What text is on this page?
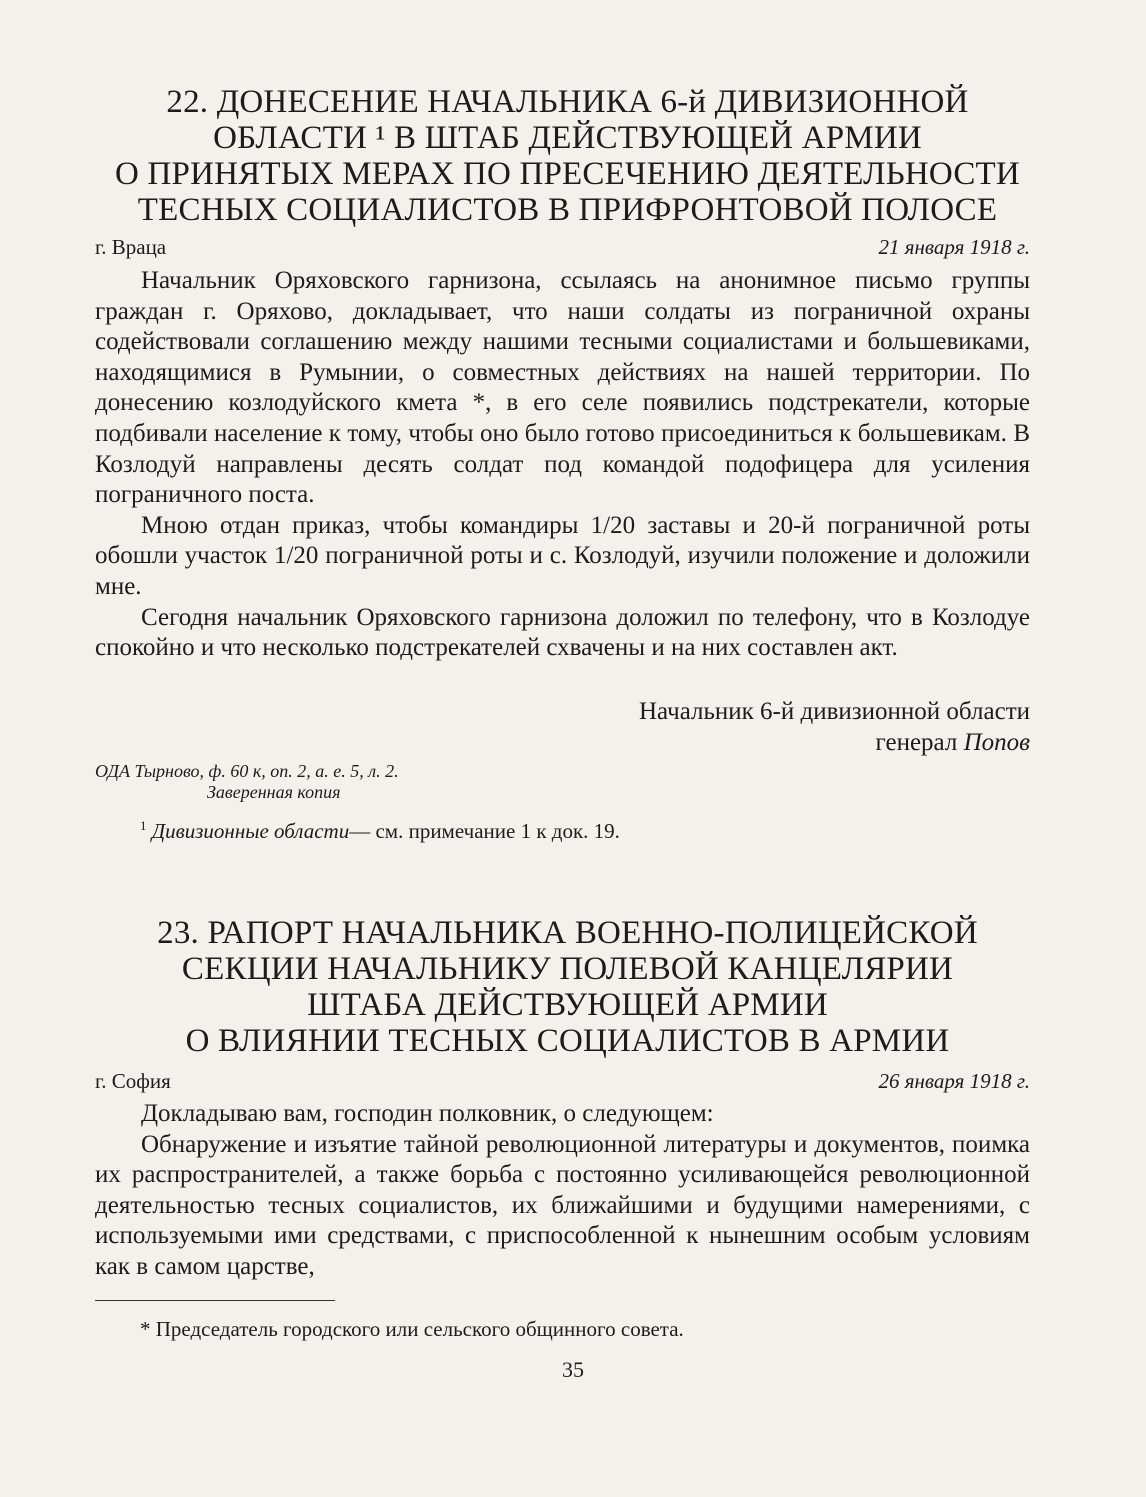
22. ДОНЕСЕНИЕ НАЧАЛЬНИКА 6-й ДИВИЗИОННОЙ
ОБЛАСТИ ¹ В ШТАБ ДЕЙСТВУЮЩЕЙ АРМИИ
О ПРИНЯТЫХ МЕРАХ ПО ПРЕСЕЧЕНИЮ ДЕЯТЕЛЬНОСТИ
ТЕСНЫХ СОЦИАЛИСТОВ В ПРИФРОНТОВОЙ ПОЛОСЕ
г. Враца	21 января 1918 г.

Начальник Оряховского гарнизона, ссылаясь на анонимное письмо группы граждан г. Оряхово, докладывает, что наши солдаты из пограничной охраны содействовали соглашению между нашими тесными социалистами и большевиками, находящимися в Румынии, о совместных действиях на нашей территории. По донесению козлодуйского кмета *, в его селе появились подстрекатели, которые подбивали население к тому, чтобы оно было готово присоединиться к большевикам. В Козлодуй направлены десять солдат под командой подофицера для усиления пограничного поста.

Мною отдан приказ, чтобы командиры 1/20 заставы и 20-й пограничной роты обошли участок 1/20 пограничной роты и с. Козлодуй, изучили положение и доложили мне.

Сегодня начальник Оряховского гарнизона доложил по телефону, что в Козлодуе спокойно и что несколько подстрекателей схвачены и на них составлен акт.

Начальник 6-й дивизионной области
генерал Попов
ОДА Тырново, ф. 60 к, оп. 2, а. е. 5, л. 2.
Заверенная копия
$^1$ Дивизионные области— см. примечание 1 к док. 19.
23. РАПОРТ НАЧАЛЬНИКА ВОЕННО-ПОЛИЦЕЙСКОЙ
СЕКЦИИ НАЧАЛЬНИКУ ПОЛЕВОЙ КАНЦЕЛЯРИИ
ШТАБА ДЕЙСТВУЮЩЕЙ АРМИИ
О ВЛИЯНИИ ТЕСНЫХ СОЦИАЛИСТОВ В АРМИИ
г. София	26 января 1918 г.

Докладываю вам, господин полковник, о следующем:

Обнаружение и изъятие тайной революционной литературы и документов, поимка их распространителей, а также борьба с постоянно усиливающейся революционной деятельностью тесных социалистов, их ближайшими и будущими намерениями, с используемыми ими средствами, с приспособленной к нынешним особым условиям как в самом царстве,

* Председатель городского или сельского общинного совета.
35
